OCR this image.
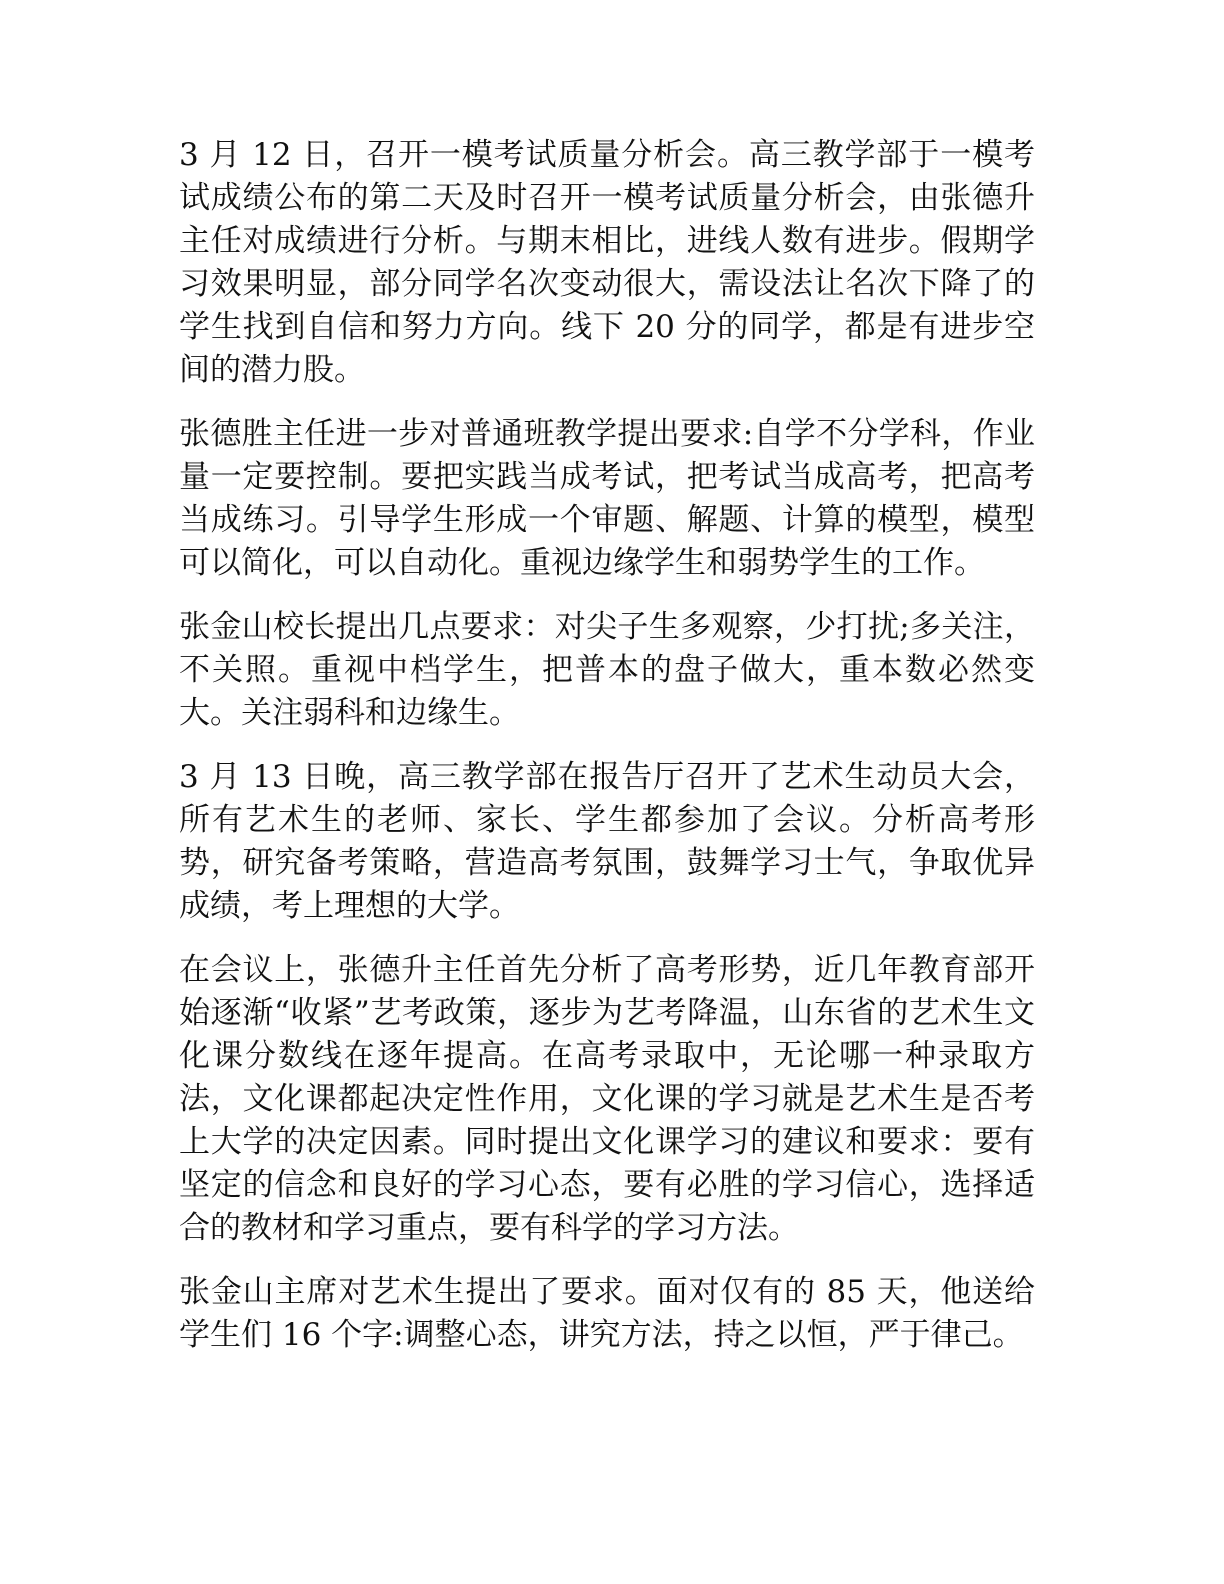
3 月 12 日，召开一模考试质量分析会。高三教学部于一模考试成绩公布的第二天及时召开一模考试质量分析会，由张德升主任对成绩进行分析。与期末相比，进线人数有进步。假期学习效果明显，部分同学名次变动很大，需设法让名次下降了的学生找到自信和努力方向。线下 20 分的同学，都是有进步空间的潜力股。

张德胜主任进一步对普通班教学提出要求:自学不分学科，作业量一定要控制。要把实践当成考试，把考试当成高考，把高考当成练习。引导学生形成一个审题、解题、计算的模型，模型可以简化，可以自动化。重视边缘学生和弱势学生的工作。

张金山校长提出几点要求：对尖子生多观察，少打扰;多关注，不关照。重视中档学生，把普本的盘子做大，重本数必然变大。关注弱科和边缘生。

3 月 13 日晚，高三教学部在报告厅召开了艺术生动员大会，所有艺术生的老师、家长、学生都参加了会议。分析高考形势，研究备考策略，营造高考氛围，鼓舞学习士气，争取优异成绩，考上理想的大学。

在会议上，张德升主任首先分析了高考形势，近几年教育部开始逐渐“收紧”艺考政策，逐步为艺考降温，山东省的艺术生文化课分数线在逐年提高。在高考录取中，无论哪一种录取方法，文化课都起决定性作用，文化课的学习就是艺术生是否考上大学的决定因素。同时提出文化课学习的建议和要求：要有坚定的信念和良好的学习心态，要有必胜的学习信心，选择适合的教材和学习重点，要有科学的学习方法。

张金山主席对艺术生提出了要求。面对仅有的 85 天，他送给学生们 16 个字:调整心态，讲究方法，持之以恒，严于律己。
